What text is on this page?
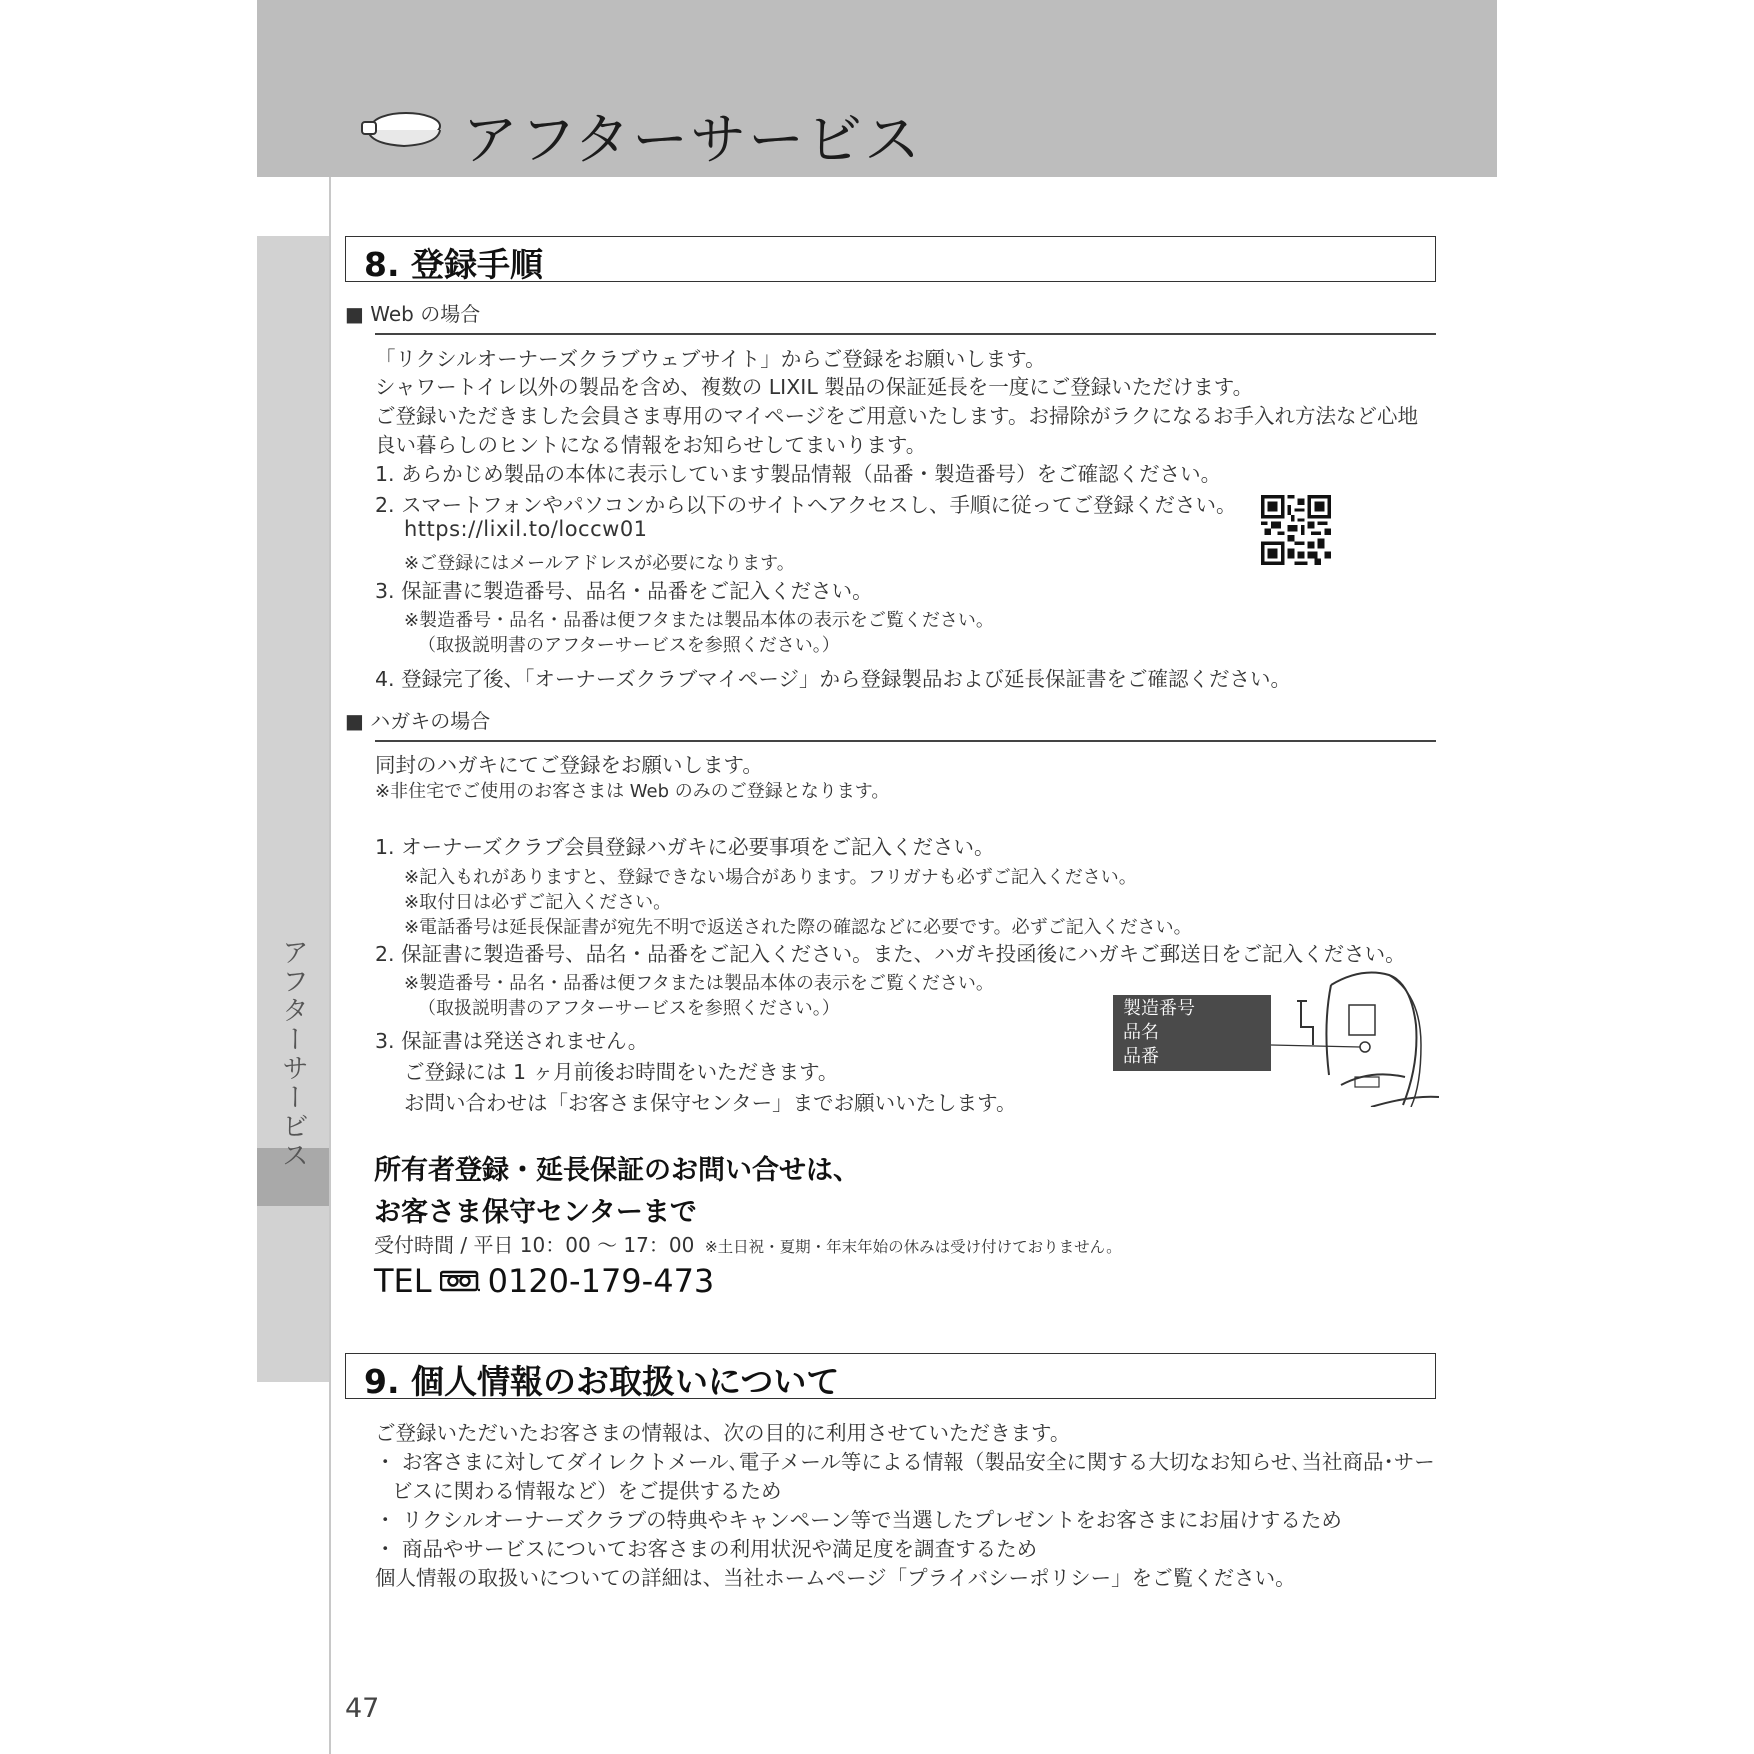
アフターサービス
アフターサービス
8. 登録手順
■ Web の場合
「リクシルオーナーズクラブウェブサイト」からご登録をお願いします。
シャワートイレ以外の製品を含め、複数の LIXIL 製品の保証延長を一度にご登録いただけます。
ご登録いただきました会員さま専用のマイページをご用意いたします。お掃除がラクになるお手入れ方法など心地
良い暮らしのヒントになる情報をお知らせしてまいります。
1. あらかじめ製品の本体に表示しています製品情報（品番・製造番号）をご確認ください。
2. スマートフォンやパソコンから以下のサイトへアクセスし、手順に従ってご登録ください。
https://lixil.to/loccw01
※ご登録にはメールアドレスが必要になります。
3. 保証書に製造番号、品名・品番をご記入ください。
※製造番号・品名・品番は便フタまたは製品本体の表示をご覧ください。
（取扱説明書のアフターサービスを参照ください。）
4. 登録完了後、「オーナーズクラブマイページ」から登録製品および延長保証書をご確認ください。
■ ハガキの場合
同封のハガキにてご登録をお願いします。
※非住宅でご使用のお客さまは Web のみのご登録となります。
1. オーナーズクラブ会員登録ハガキに必要事項をご記入ください。
※記入もれがありますと、登録できない場合があります。フリガナも必ずご記入ください。
※取付日は必ずご記入ください。
※電話番号は延長保証書が宛先不明で返送された際の確認などに必要です。必ずご記入ください。
2. 保証書に製造番号、品名・品番をご記入ください。また、ハガキ投函後にハガキご郵送日をご記入ください。
※製造番号・品名・品番は便フタまたは製品本体の表示をご覧ください。
（取扱説明書のアフターサービスを参照ください。）
3. 保証書は発送されません。
ご登録には 1 ヶ月前後お時間をいただきます。
お問い合わせは「お客さま保守センター」までお願いいたします。
製造番号
品名
品番
所有者登録・延長保証のお問い合せは、
お客さま保守センターまで
受付時間 / 平日 10：00 〜 17：00 ※土日祝・夏期・年末年始の休みは受け付けておりません。
TEL 0120-179-473
9. 個人情報のお取扱いについて
ご登録いただいたお客さまの情報は、次の目的に利用させていただきます。
・ お客さまに対してダイレクトメール､電子メール等による情報（製品安全に関する大切なお知らせ､当社商品･サー
ビスに関わる情報など）をご提供するため
・ リクシルオーナーズクラブの特典やキャンペーン等で当選したプレゼントをお客さまにお届けするため
・ 商品やサービスについてお客さまの利用状況や満足度を調査するため
個人情報の取扱いについての詳細は、当社ホームページ「プライバシーポリシー」をご覧ください。
47
